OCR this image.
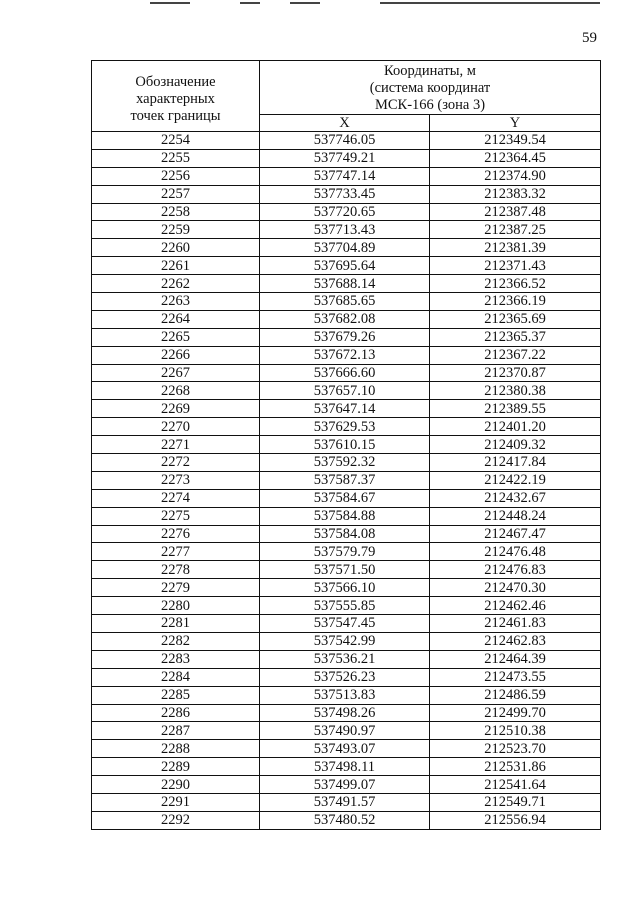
59
Обозначение
характерных
точек границы	Координаты, м
(система координат
МСК-166 (зона 3)	

	X	Y
2254	537746.05	212349.54
2255	537749.21	212364.45
2256	537747.14	212374.90
2257	537733.45	212383.32
2258	537720.65	212387.48
2259	537713.43	212387.25
2260	537704.89	212381.39
2261	537695.64	212371.43
2262	537688.14	212366.52
2263	537685.65	212366.19
2264	537682.08	212365.69
2265	537679.26	212365.37
2266	537672.13	212367.22
2267	537666.60	212370.87
2268	537657.10	212380.38
2269	537647.14	212389.55
2270	537629.53	212401.20
2271	537610.15	212409.32
2272	537592.32	212417.84
2273	537587.37	212422.19
2274	537584.67	212432.67
2275	537584.88	212448.24
2276	537584.08	212467.47
2277	537579.79	212476.48
2278	537571.50	212476.83
2279	537566.10	212470.30
2280	537555.85	212462.46
2281	537547.45	212461.83
2282	537542.99	212462.83
2283	537536.21	212464.39
2284	537526.23	212473.55
2285	537513.83	212486.59
2286	537498.26	212499.70
2287	537490.97	212510.38
2288	537493.07	212523.70
2289	537498.11	212531.86
2290	537499.07	212541.64
2291	537491.57	212549.71
2292	537480.52	212556.94
